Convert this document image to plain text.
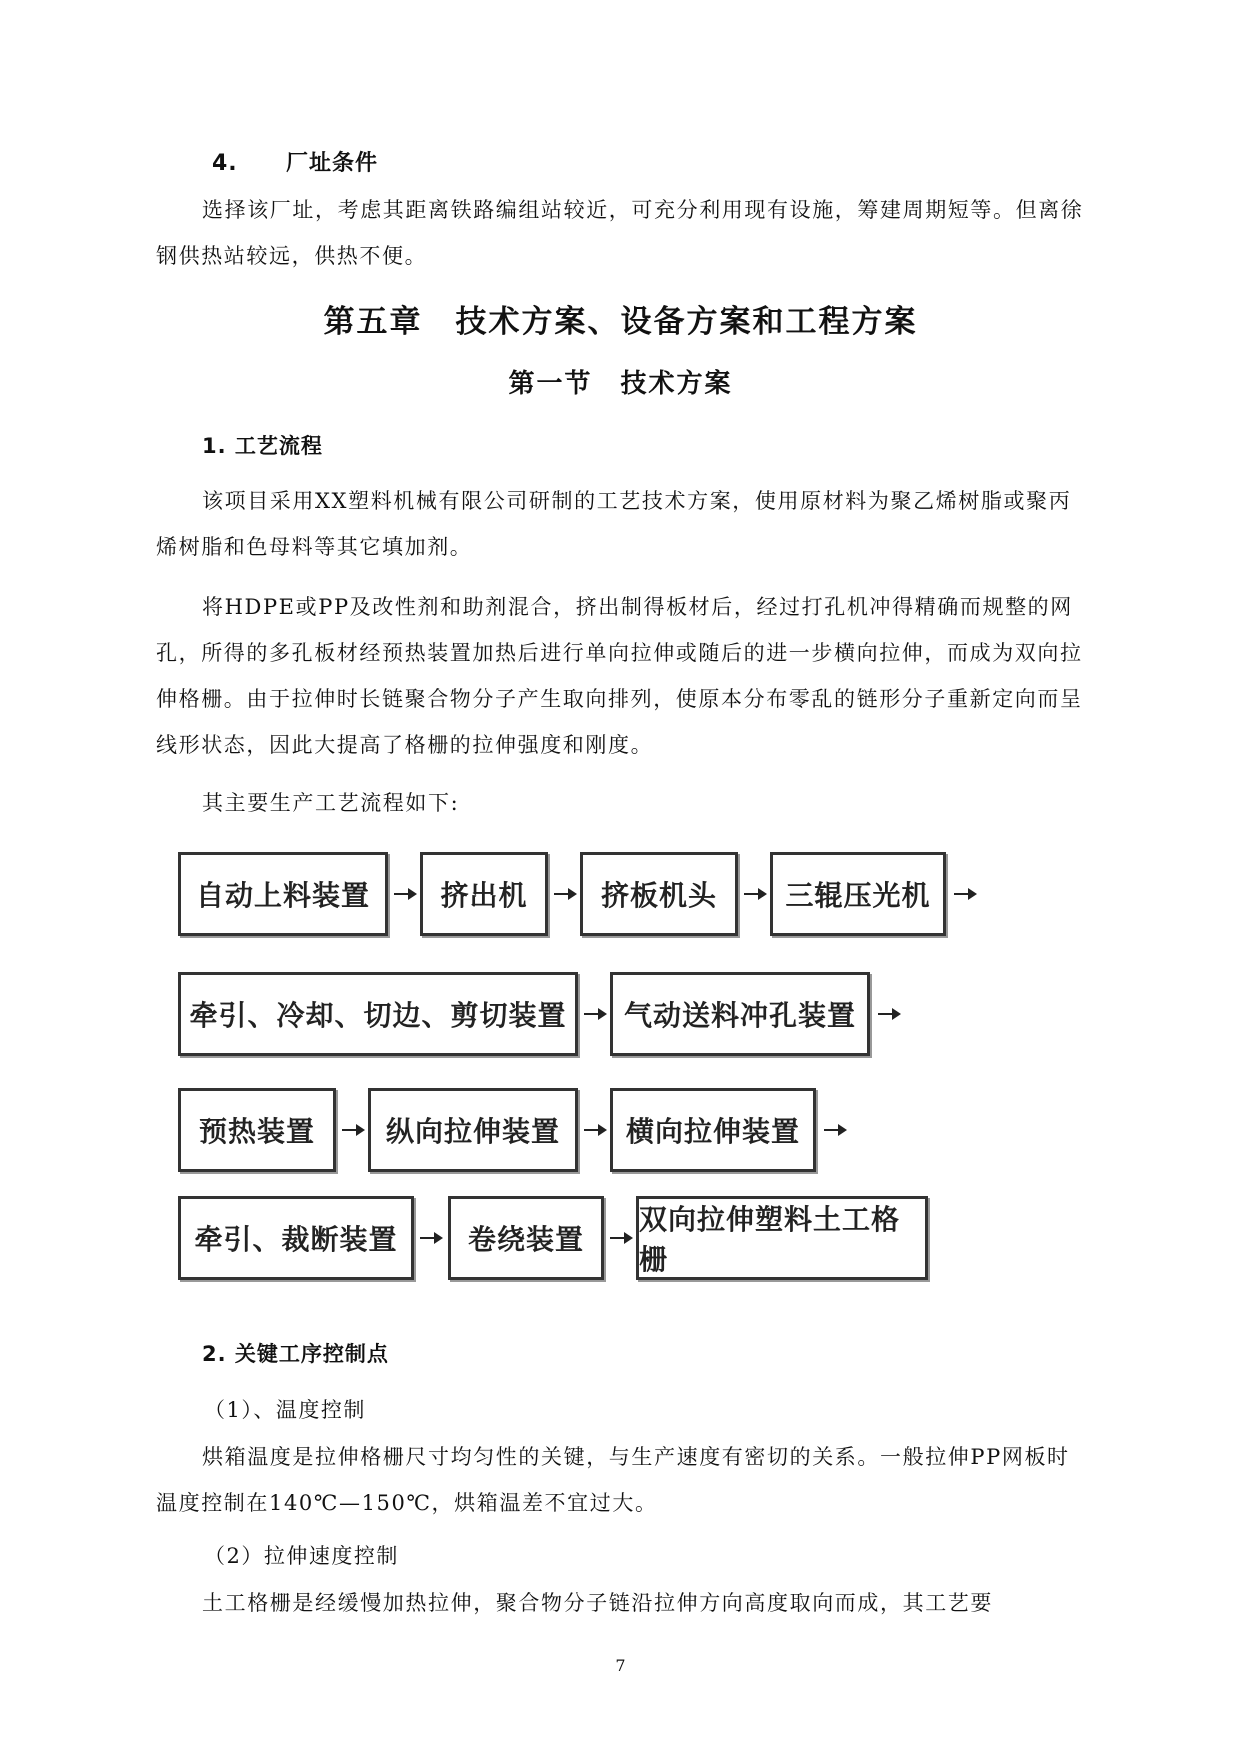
4. 厂址条件

选择该厂址，考虑其距离铁路编组站较近，可充分利用现有设施，筹建周期短等。但离徐钢供热站较远，供热不便。

第五章　技术方案、设备方案和工程方案
第一节　技术方案
1. 工艺流程

该项目采用XX塑料机械有限公司研制的工艺技术方案，使用原材料为聚乙烯树脂或聚丙烯树脂和色母料等其它填加剂。

将HDPE或PP及改性剂和助剂混合，挤出制得板材后，经过打孔机冲得精确而规整的网孔，所得的多孔板材经预热装置加热后进行单向拉伸或随后的进一步横向拉伸，而成为双向拉伸格栅。由于拉伸时长链聚合物分子产生取向排列，使原本分布零乱的链形分子重新定向而呈线形状态，因此大提高了格栅的拉伸强度和刚度。

其主要生产工艺流程如下:

自动上料装置	挤出机	挤板机头	三辊压光机
牵引、冷却、切边、剪切装置	气动送料冲孔装置
预热装置	纵向拉伸装置	横向拉伸装置
牵引、裁断装置	卷绕装置
双向拉伸塑料土工格栅
2. 关键工序控制点
（1）、温度控制

烘箱温度是拉伸格栅尺寸均匀性的关键，与生产速度有密切的关系。一般拉伸PP网板时温度控制在140℃—150℃，烘箱温差不宜过大。

（2）拉伸速度控制

土工格栅是经缓慢加热拉伸，聚合物分子链沿拉伸方向高度取向而成，其工艺要

7
